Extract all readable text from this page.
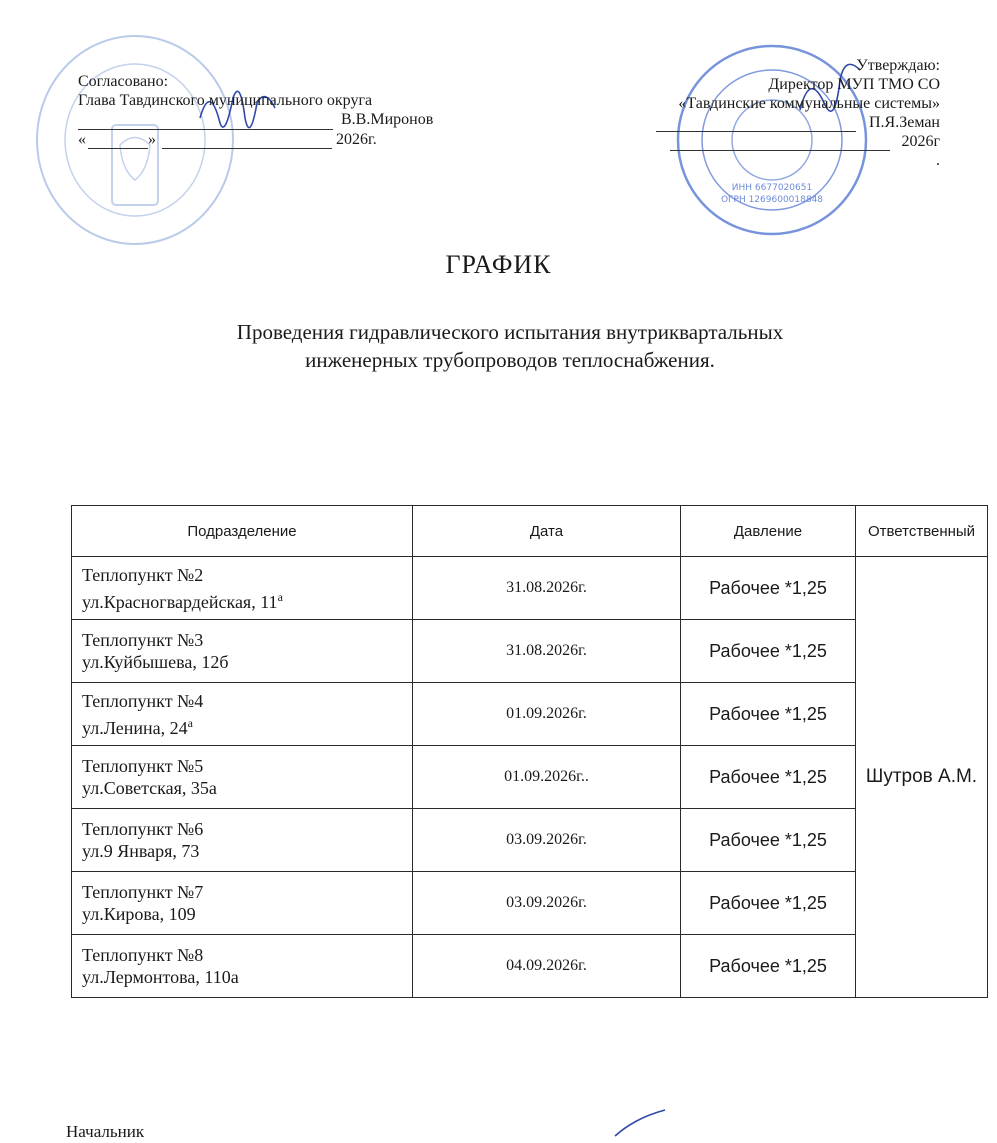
ИНН 6677020651
ОГРН 1269600018848
Согласовано:
Глава Тавдинского муниципального округа
В.В.Миронов
«	»	2026г.
Утверждаю:
Директор МУП ТМО СО
«Тавдинские коммунальные системы»
П.Я.Земан
2026г
.
ГРАФИК
Проведения гидравлического испытания внутриквартальных
инженерных трубопроводов теплоснабжения.
Подразделение	Дата	Давление	Ответственный

Теплопункт №2
ул.Красногвардейская, $11^а$	31.08.2026г.	Рабочее *1,25	Шутров А.М.

Теплопункт №3
ул.Куйбышева, 12б	31.08.2026г.	Рабочее *1,25	

Теплопункт №4
ул.Ленина, $24^а$	01.09.2026г.	Рабочее *1,25	

Теплопункт №5
ул.Советская, 35а	01.09.2026г..	Рабочее *1,25	

Теплопункт №6
ул.9 Января, 73	03.09.2026г.	Рабочее *1,25	

Теплопункт №7
ул.Кирова, 109	03.09.2026г.	Рабочее *1,25	

Теплопункт №8
ул.Лермонтова, 110а	04.09.2026г.	Рабочее *1,25	
Начальник
